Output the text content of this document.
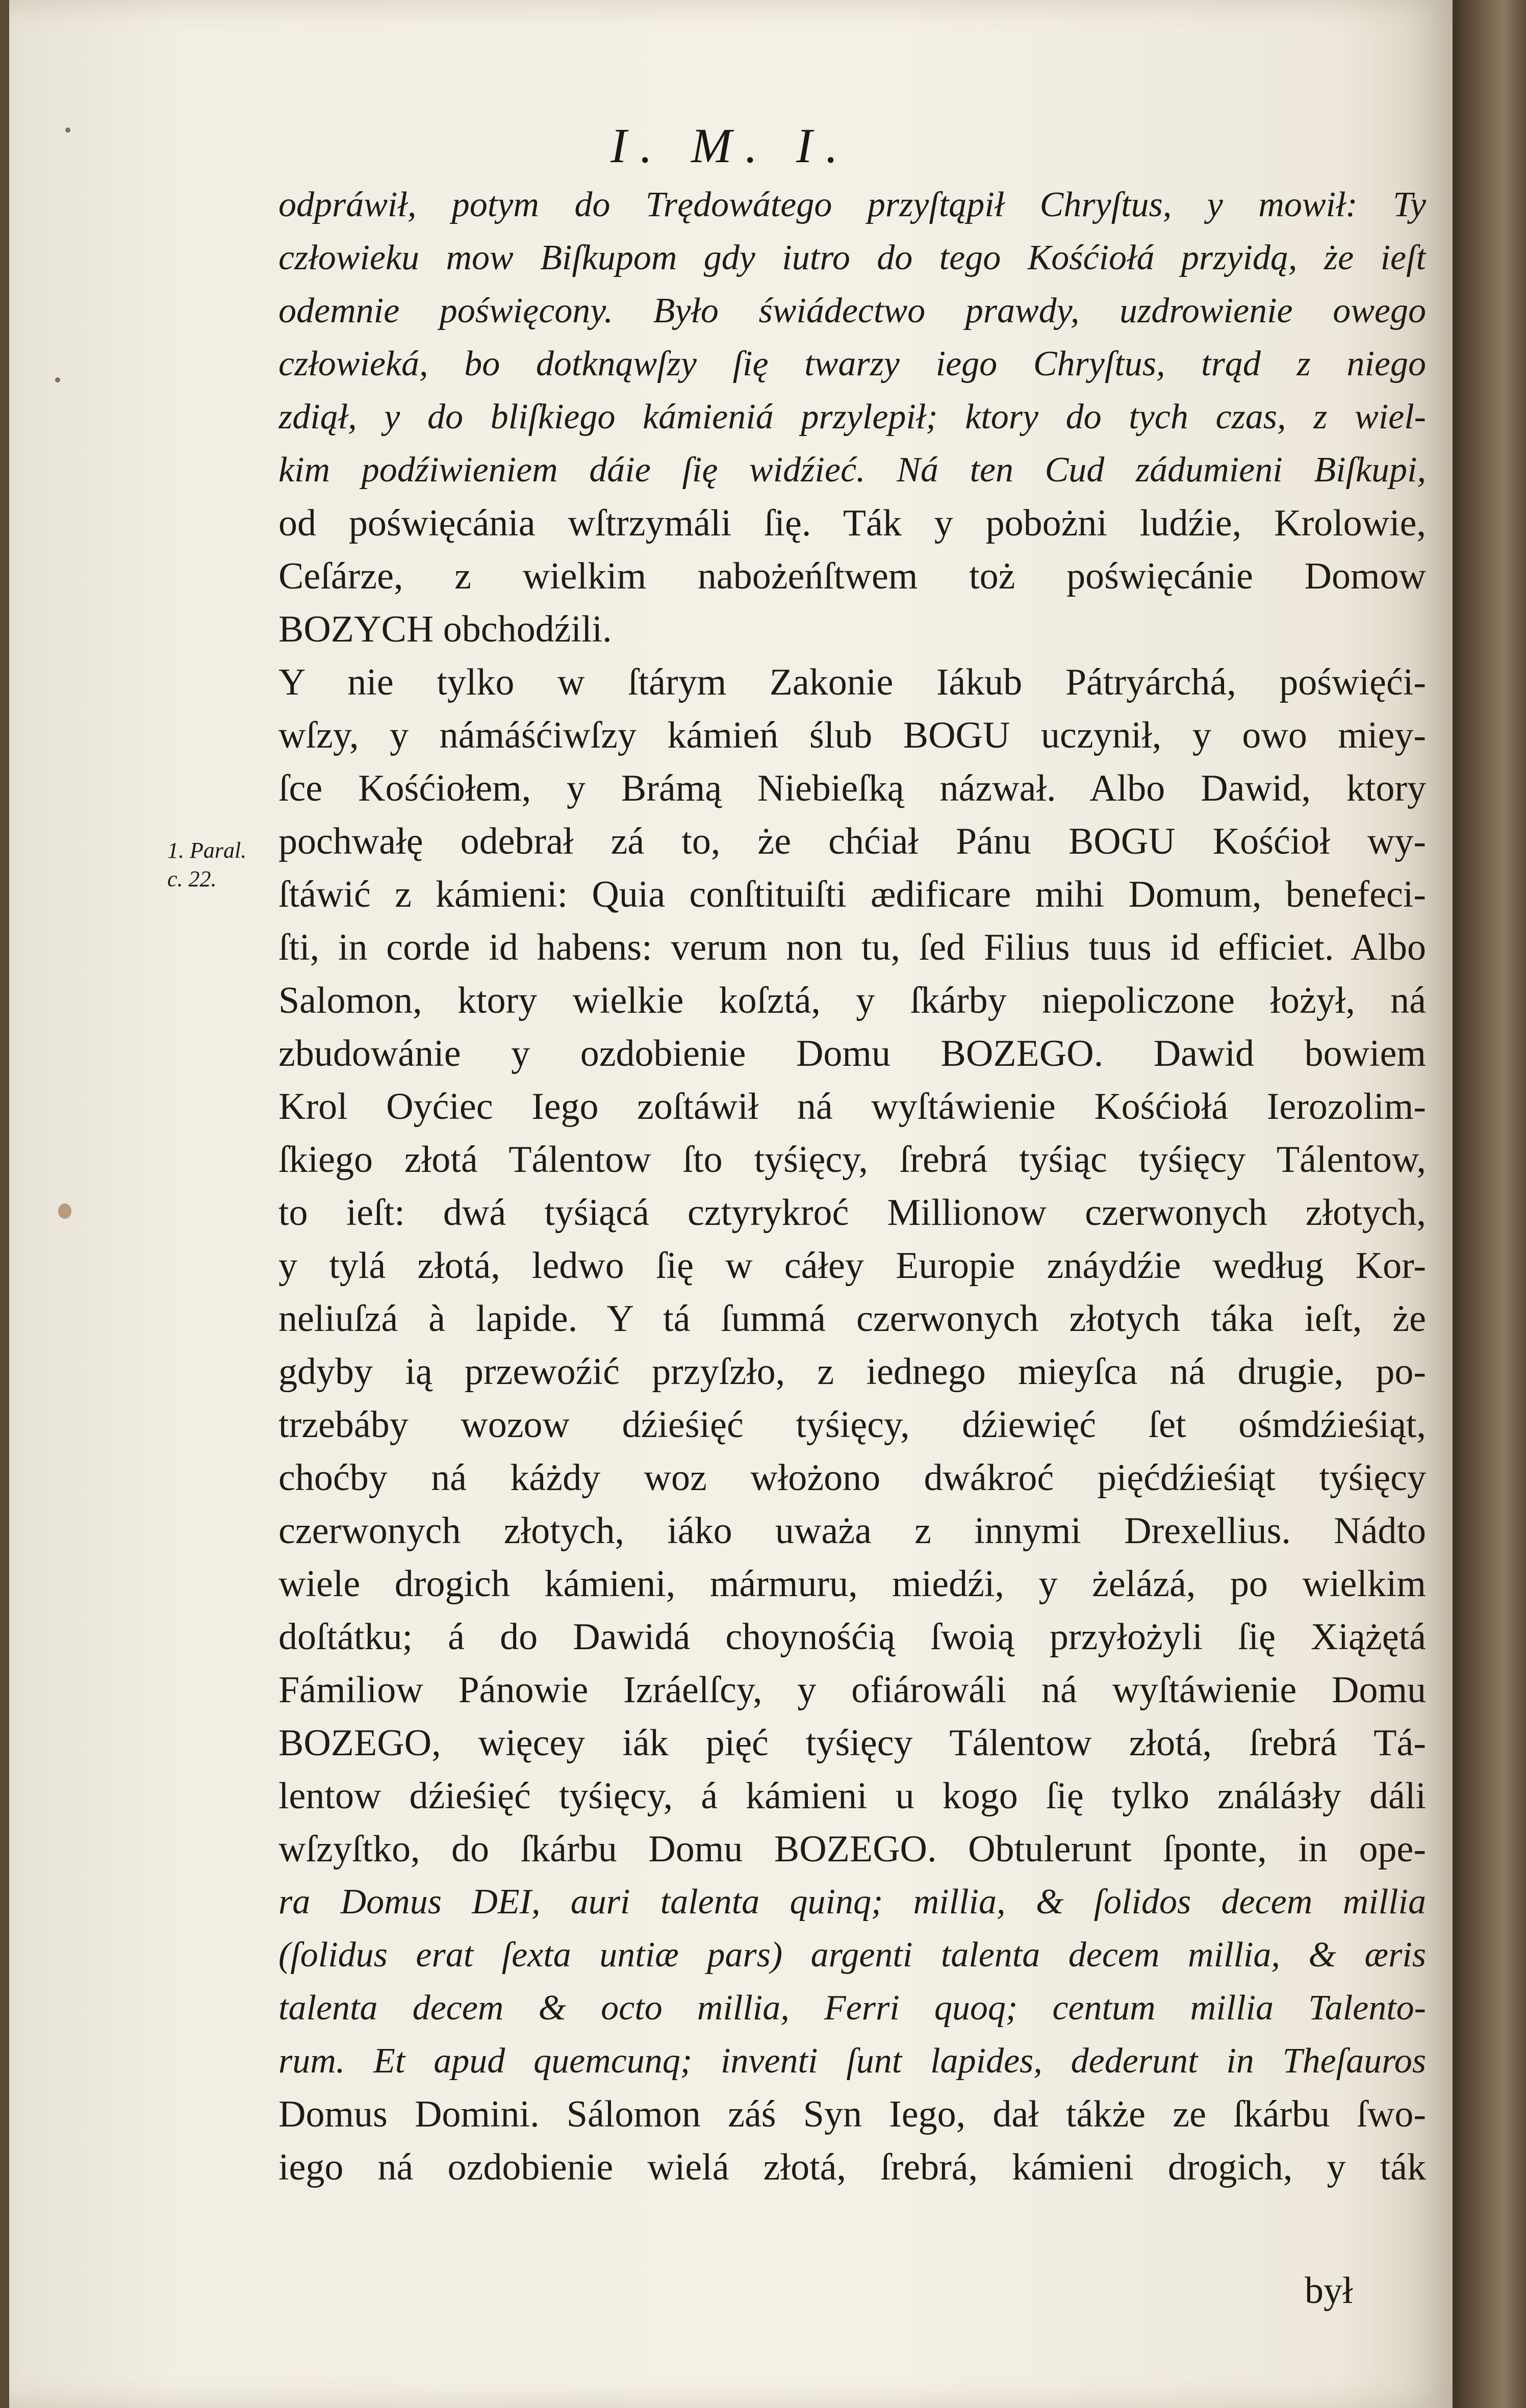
I. M. I.
1. Paral.
c. 22.
odpráwił, potym do Trędowátego przyſtąpił Chryſtus, y mowił: Ty
człowieku mow Biſkupom gdy iutro do tego Kośćiołá przyidą, że ieſt
odemnie poświęcony. Było świádectwo prawdy, uzdrowienie owego
człowieká, bo dotknąwſzy ſię twarzy iego Chryſtus, trąd z niego
zdiął, y do bliſkiego kámieniá przylepił; ktory do tych czas, z wiel-
kim podźiwieniem dáie ſię widźieć. Ná ten Cud zádumieni Biſkupi,
od poświęcánia wſtrzymáli ſię. Ták y pobożni ludźie, Krolowie,
Ceſárze, z wielkim nabożeńſtwem toż poświęcánie Domow
BOZYCH obchodźili.
Y nie tylko w ſtárym Zakonie Iákub Pátryárchá, poświęći-
wſzy, y námáśćiwſzy kámień ślub BOGU uczynił, y owo miey-
ſce Kośćiołem, y Brámą Niebieſką názwał. Albo Dawid, ktory
pochwałę odebrał zá to, że chćiał Pánu BOGU Kośćioł wy-
ſtáwić z kámieni: Quia conſtituiſti ædificare mihi Domum, benefeci-
ſti, in corde id habens: verum non tu, ſed Filius tuus id efficiet. Albo
Salomon, ktory wielkie koſztá, y ſkárby niepoliczone łożył, ná
zbudowánie y ozdobienie Domu BOZEGO. Dawid bowiem
Krol Oyćiec Iego zoſtáwił ná wyſtáwienie Kośćiołá Ierozolim-
ſkiego złotá Tálentow ſto tyśięcy, ſrebrá tyśiąc tyśięcy Tálentow,
to ieſt: dwá tyśiącá cztyrykroć Millionow czerwonych złotych,
y tylá złotá, ledwo ſię w cáłey Europie znáydźie według Kor-
neliuſzá à lapide. Y tá ſummá czerwonych złotych táka ieſt, że
gdyby ią przewoźić przyſzło, z iednego mieyſca ná drugie, po-
trzebáby wozow dźieśięć tyśięcy, dźiewięć ſet ośmdźieśiąt,
choćby ná káżdy woz włożono dwákroć pięćdźieśiąt tyśięcy
czerwonych złotych, iáko uważa z innymi Drexellius. Nádto
wiele drogich kámieni, mármuru, miedźi, y żelázá, po wielkim
doſtátku; á do Dawidá choynośćią ſwoią przyłożyli ſię Xiążętá
Fámiliow Pánowie Izráelſcy, y ofiárowáli ná wyſtáwienie Domu
BOZEGO, więcey iák pięć tyśięcy Tálentow złotá, ſrebrá Tá-
lentow dźieśięć tyśięcy, á kámieni u kogo ſię tylko ználáзły dáli
wſzyſtko, do ſkárbu Domu BOZEGO. Obtulerunt ſponte, in ope-
ra Domus DEI, auri talenta quinq; millia, & ſolidos decem millia
(ſolidus erat ſexta untiæ pars) argenti talenta decem millia, & æris
talenta decem & octo millia, Ferri quoq; centum millia Talento-
rum. Et apud quemcunq; inventi ſunt lapides, dederunt in Theſauros
Domus Domini. Sálomon záś Syn Iego, dał tákże ze ſkárbu ſwo-
iego ná ozdobienie wielá złotá, ſrebrá, kámieni drogich, y ták
był
